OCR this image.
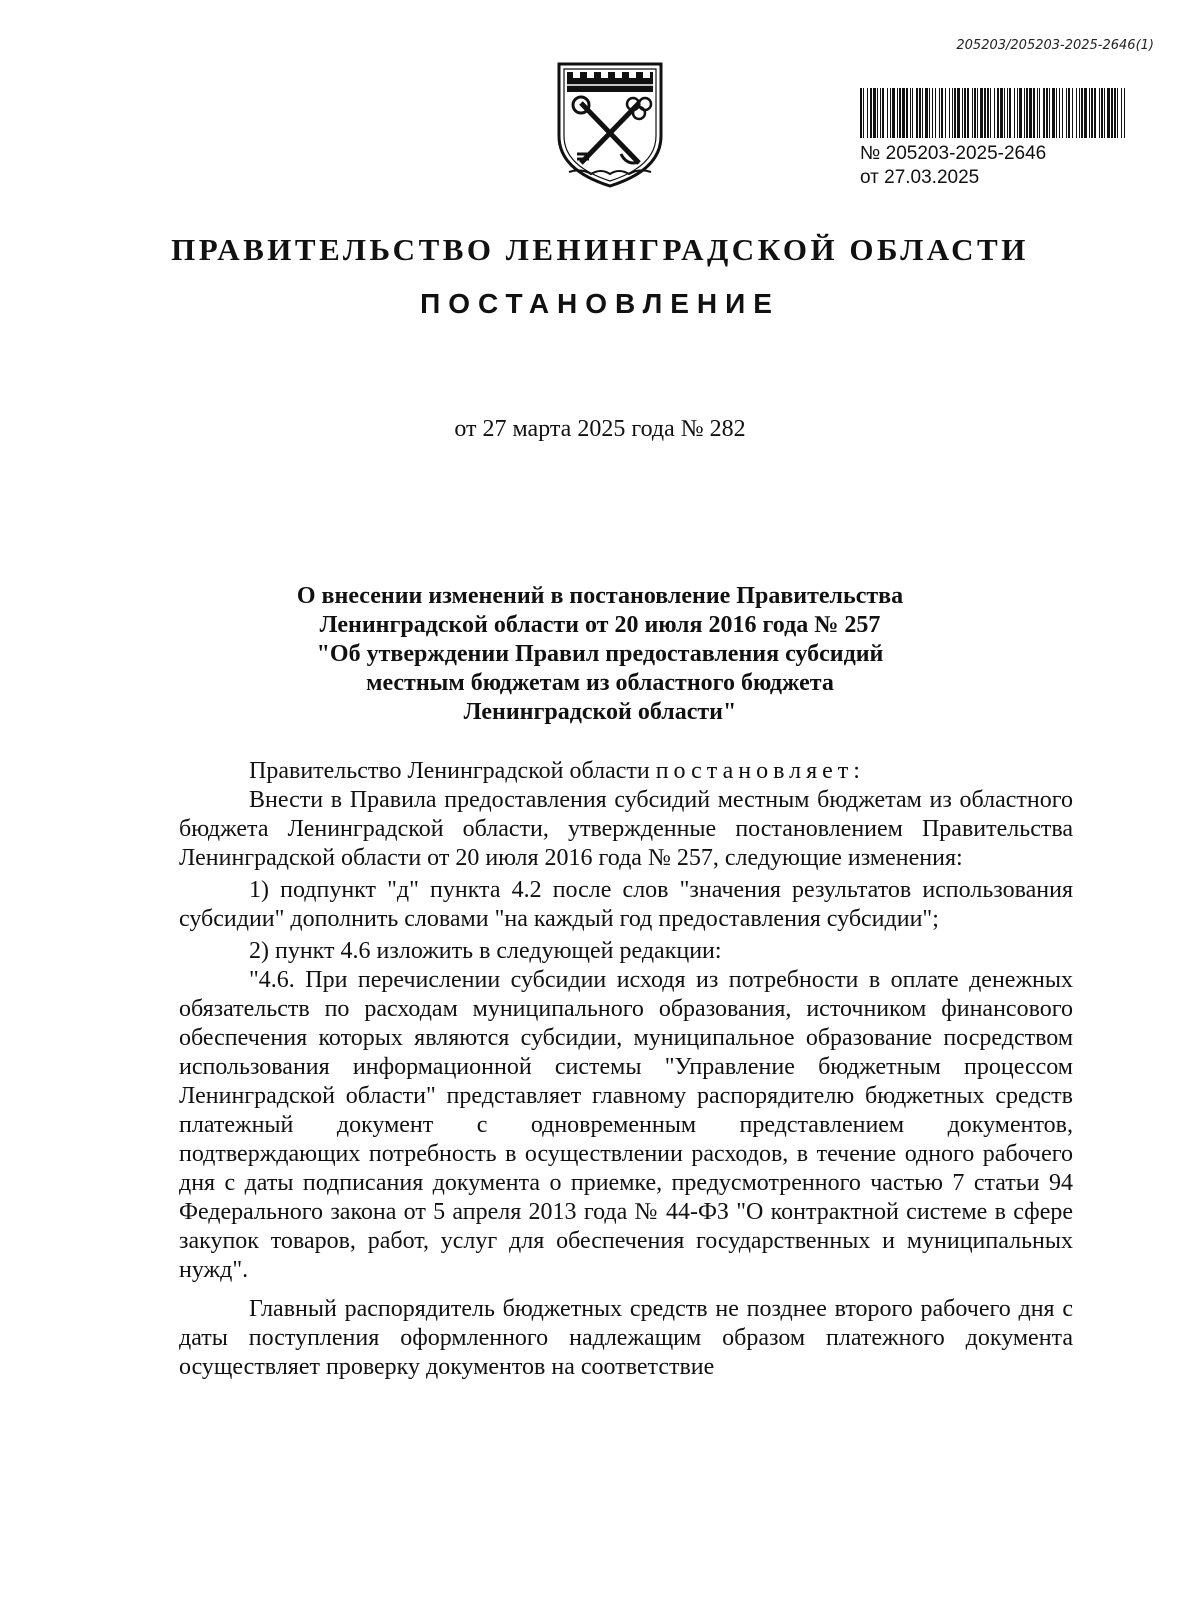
205203/205203-2025-2646(1)
№ 205203-2025-2646
от 27.03.2025
ПРАВИТЕЛЬСТВО ЛЕНИНГРАДСКОЙ ОБЛАСТИ
ПОСТАНОВЛЕНИЕ
от 27 марта 2025 года № 282
О внесении изменений в постановление Правительства
Ленинградской области от 20 июля 2016 года № 257
"Об утверждении Правил предоставления субсидий
местным бюджетам из областного бюджета
Ленинградской области"

Правительство Ленинградской области постановляет:

Внести в Правила предоставления субсидий местным бюджетам из областного бюджета Ленинградской области, утвержденные постановлением Правительства Ленинградской области от 20 июля 2016 года № 257, следующие изменения:

1) подпункт "д" пункта 4.2 после слов "значения результатов использования субсидии" дополнить словами "на каждый год предоставления субсидии";

2) пункт 4.6 изложить в следующей редакции:

"4.6. При перечислении субсидии исходя из потребности в оплате денежных обязательств по расходам муниципального образования, источником финансового обеспечения которых являются субсидии, муниципальное образование посредством использования информационной системы "Управление бюджетным процессом Ленинградской области" представляет главному распорядителю бюджетных средств платежный документ с одновременным представлением документов, подтверждающих потребность в осуществлении расходов, в течение одного рабочего дня с даты подписания документа о приемке, предусмотренного частью 7 статьи 94 Федерального закона от 5 апреля 2013 года № 44-ФЗ "О контрактной системе в сфере закупок товаров, работ, услуг для обеспечения государственных и муниципальных нужд".

Главный распорядитель бюджетных средств не позднее второго рабочего дня с даты поступления оформленного надлежащим образом платежного документа осуществляет проверку документов на соответствие
